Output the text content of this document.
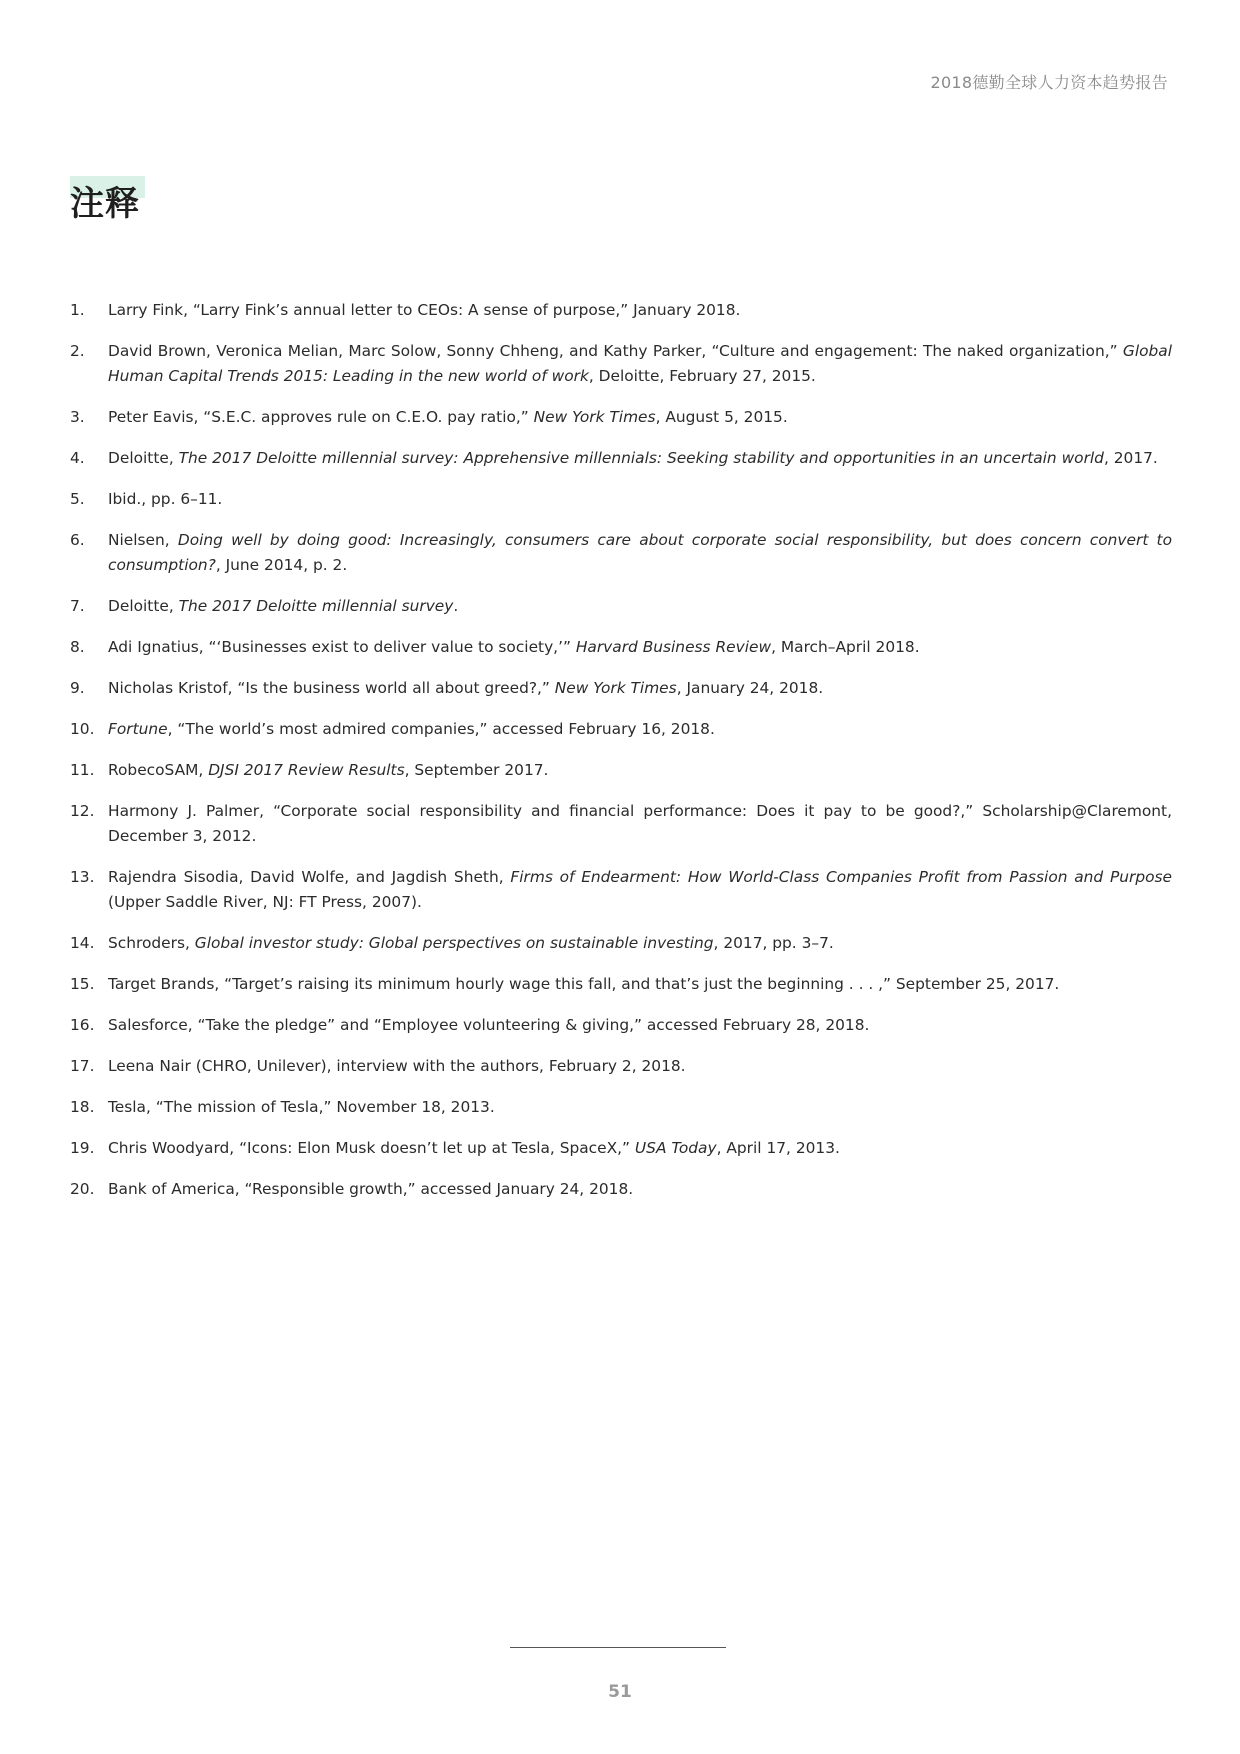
2018德勤全球人力资本趋势报告
注释
1.	Larry Fink, “Larry Fink’s annual letter to CEOs: A sense of purpose,” January 2018.
2.	David Brown, Veronica Melian, Marc Solow, Sonny Chheng, and Kathy Parker, “Culture and engagement: The naked organization,” Global Human Capital Trends 2015: Leading in the new world of work, Deloitte, February 27, 2015.
3.	Peter Eavis, “S.E.C. approves rule on C.E.O. pay ratio,” New York Times, August 5, 2015.
4.	Deloitte, The 2017 Deloitte millennial survey: Apprehensive millennials: Seeking stability and opportunities in an uncertain world, 2017.
5.	Ibid., pp. 6–11.
6.	Nielsen, Doing well by doing good: Increasingly, consumers care about corporate social responsibility, but does concern convert to consumption?, June 2014, p. 2.
7.	Deloitte, The 2017 Deloitte millennial survey.
8.	Adi Ignatius, “‘Businesses exist to deliver value to society,’” Harvard Business Review, March–April 2018.
9.	Nicholas Kristof, “Is the business world all about greed?,” New York Times, January 24, 2018.
10. Fortune, “The world’s most admired companies,” accessed February 16, 2018.
11. RobecoSAM, DJSI 2017 Review Results, September 2017.
12. Harmony J. Palmer, “Corporate social responsibility and financial performance: Does it pay to be good?,” Scholarship@Claremont, December 3, 2012.
13. Rajendra Sisodia, David Wolfe, and Jagdish Sheth, Firms of Endearment: How World-Class Companies Profit from Passion and Purpose (Upper Saddle River, NJ: FT Press, 2007).
14. Schroders, Global investor study: Global perspectives on sustainable investing, 2017, pp. 3–7.
15. Target Brands, “Target’s raising its minimum hourly wage this fall, and that’s just the beginning . . . ,” September 25, 2017.
16. Salesforce, “Take the pledge” and “Employee volunteering & giving,” accessed February 28, 2018.
17. Leena Nair (CHRO, Unilever), interview with the authors, February 2, 2018.
18. Tesla, “The mission of Tesla,” November 18, 2013.
19. Chris Woodyard, “Icons: Elon Musk doesn’t let up at Tesla, SpaceX,” USA Today, April 17, 2013.
20. Bank of America, “Responsible growth,” accessed January 24, 2018.
51
